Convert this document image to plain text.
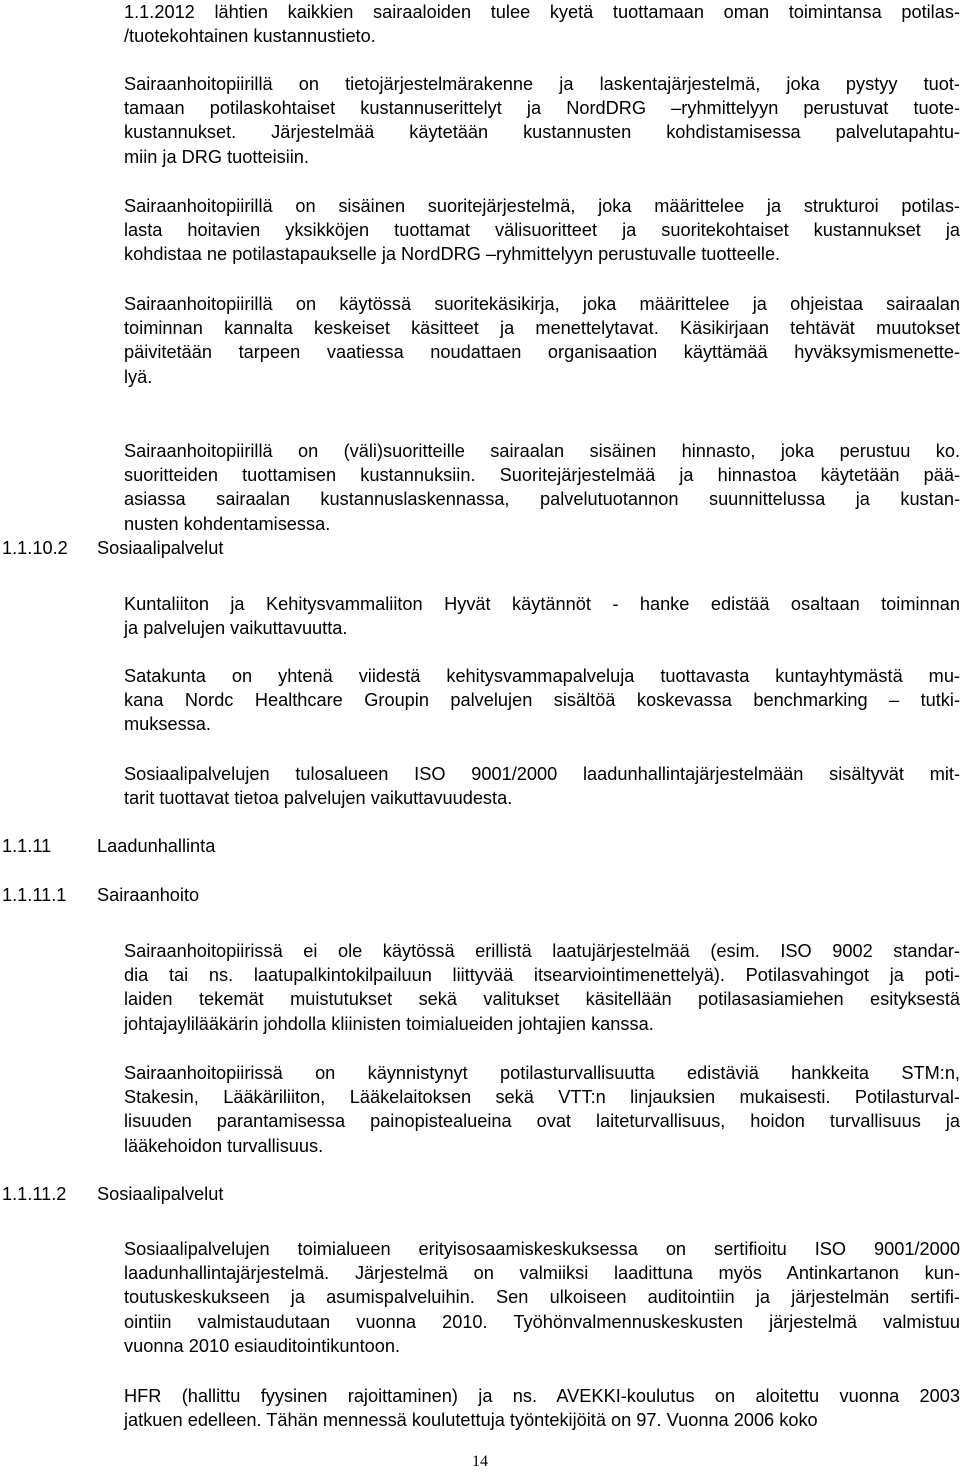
1.1.2012 lähtien kaikkien sairaaloiden tulee kyetä tuottamaan oman toimintansa potilas-
/tuotekohtainen kustannustieto.
Sairaanhoitopiirillä on tietojärjestelmärakenne ja laskentajärjestelmä, joka pystyy tuot-
tamaan potilaskohtaiset kustannuserittelyt ja NordDRG –ryhmittelyyn perustuvat tuote-
kustannukset. Järjestelmää käytetään kustannusten kohdistamisessa palvelutapahtu-
miin ja DRG tuotteisiin.
Sairaanhoitopiirillä on sisäinen suoritejärjestelmä, joka määrittelee ja strukturoi potilas-
lasta hoitavien yksikköjen tuottamat välisuoritteet ja suoritekohtaiset kustannukset ja
kohdistaa ne potilastapaukselle ja NordDRG –ryhmittelyyn perustuvalle tuotteelle.
Sairaanhoitopiirillä on käytössä suoritekäsikirja, joka määrittelee ja ohjeistaa sairaalan
toiminnan kannalta keskeiset käsitteet ja menettelytavat. Käsikirjaan tehtävät muutokset
päivitetään tarpeen vaatiessa noudattaen organisaation käyttämää hyväksymismenette-
lyä.
Sairaanhoitopiirillä on (väli)suoritteille sairaalan sisäinen hinnasto, joka perustuu ko.
suoritteiden tuottamisen kustannuksiin. Suoritejärjestelmää ja hinnastoa käytetään pää-
asiassa sairaalan kustannuslaskennassa, palvelutuotannon suunnittelussa ja kustan-
nusten kohdentamisessa.
1.1.10.2 Sosiaalipalvelut
Kuntaliiton ja Kehitysvammaliiton Hyvät käytännöt - hanke edistää osaltaan toiminnan
ja palvelujen vaikuttavuutta.
Satakunta on yhtenä viidestä kehitysvammapalveluja tuottavasta kuntayhtymästä mu-
kana Nordc Healthcare Groupin palvelujen sisältöä koskevassa benchmarking – tutki-
muksessa.
Sosiaalipalvelujen tulosalueen ISO 9001/2000 laadunhallintajärjestelmään sisältyvät mit-
tarit tuottavat tietoa palvelujen vaikuttavuudesta.
1.1.11	Laadunhallinta
1.1.11.1 Sairaanhoito
Sairaanhoitopiirissä ei ole käytössä erillistä laatujärjestelmää (esim. ISO 9002 standar-
dia tai ns. laatupalkintokilpailuun liittyvää itsearviointimenettelyä). Potilasvahingot ja poti-
laiden tekemät muistutukset sekä valitukset käsitellään potilasasiamiehen esityksestä
johtajaylilääkärin johdolla kliinisten toimialueiden johtajien kanssa.
Sairaanhoitopiirissä on käynnistynyt potilasturvallisuutta edistäviä hankkeita STM:n,
Stakesin, Lääkäriliiton, Lääkelaitoksen sekä VTT:n linjauksien mukaisesti. Potilasturval-
lisuuden parantamisessa painopistealueina ovat laiteturvallisuus, hoidon turvallisuus ja
lääkehoidon turvallisuus.
1.1.11.2 Sosiaalipalvelut
Sosiaalipalvelujen toimialueen erityisosaamiskeskuksessa on sertifioitu ISO 9001/2000
laadunhallintajärjestelmä. Järjestelmä on valmiiksi laadittuna myös Antinkartanon kun-
toutuskeskukseen ja asumispalveluihin. Sen ulkoiseen auditointiin ja järjestelmän sertifi-
ointiin valmistaudutaan vuonna 2010. Työhönvalmennuskeskusten järjestelmä valmistuu
vuonna 2010 esiauditointikuntoon.
HFR (hallittu fyysinen rajoittaminen) ja ns. AVEKKI-koulutus on aloitettu vuonna 2003
jatkuen edelleen. Tähän mennessä koulutettuja työntekijöitä on 97. Vuonna 2006 koko
14
